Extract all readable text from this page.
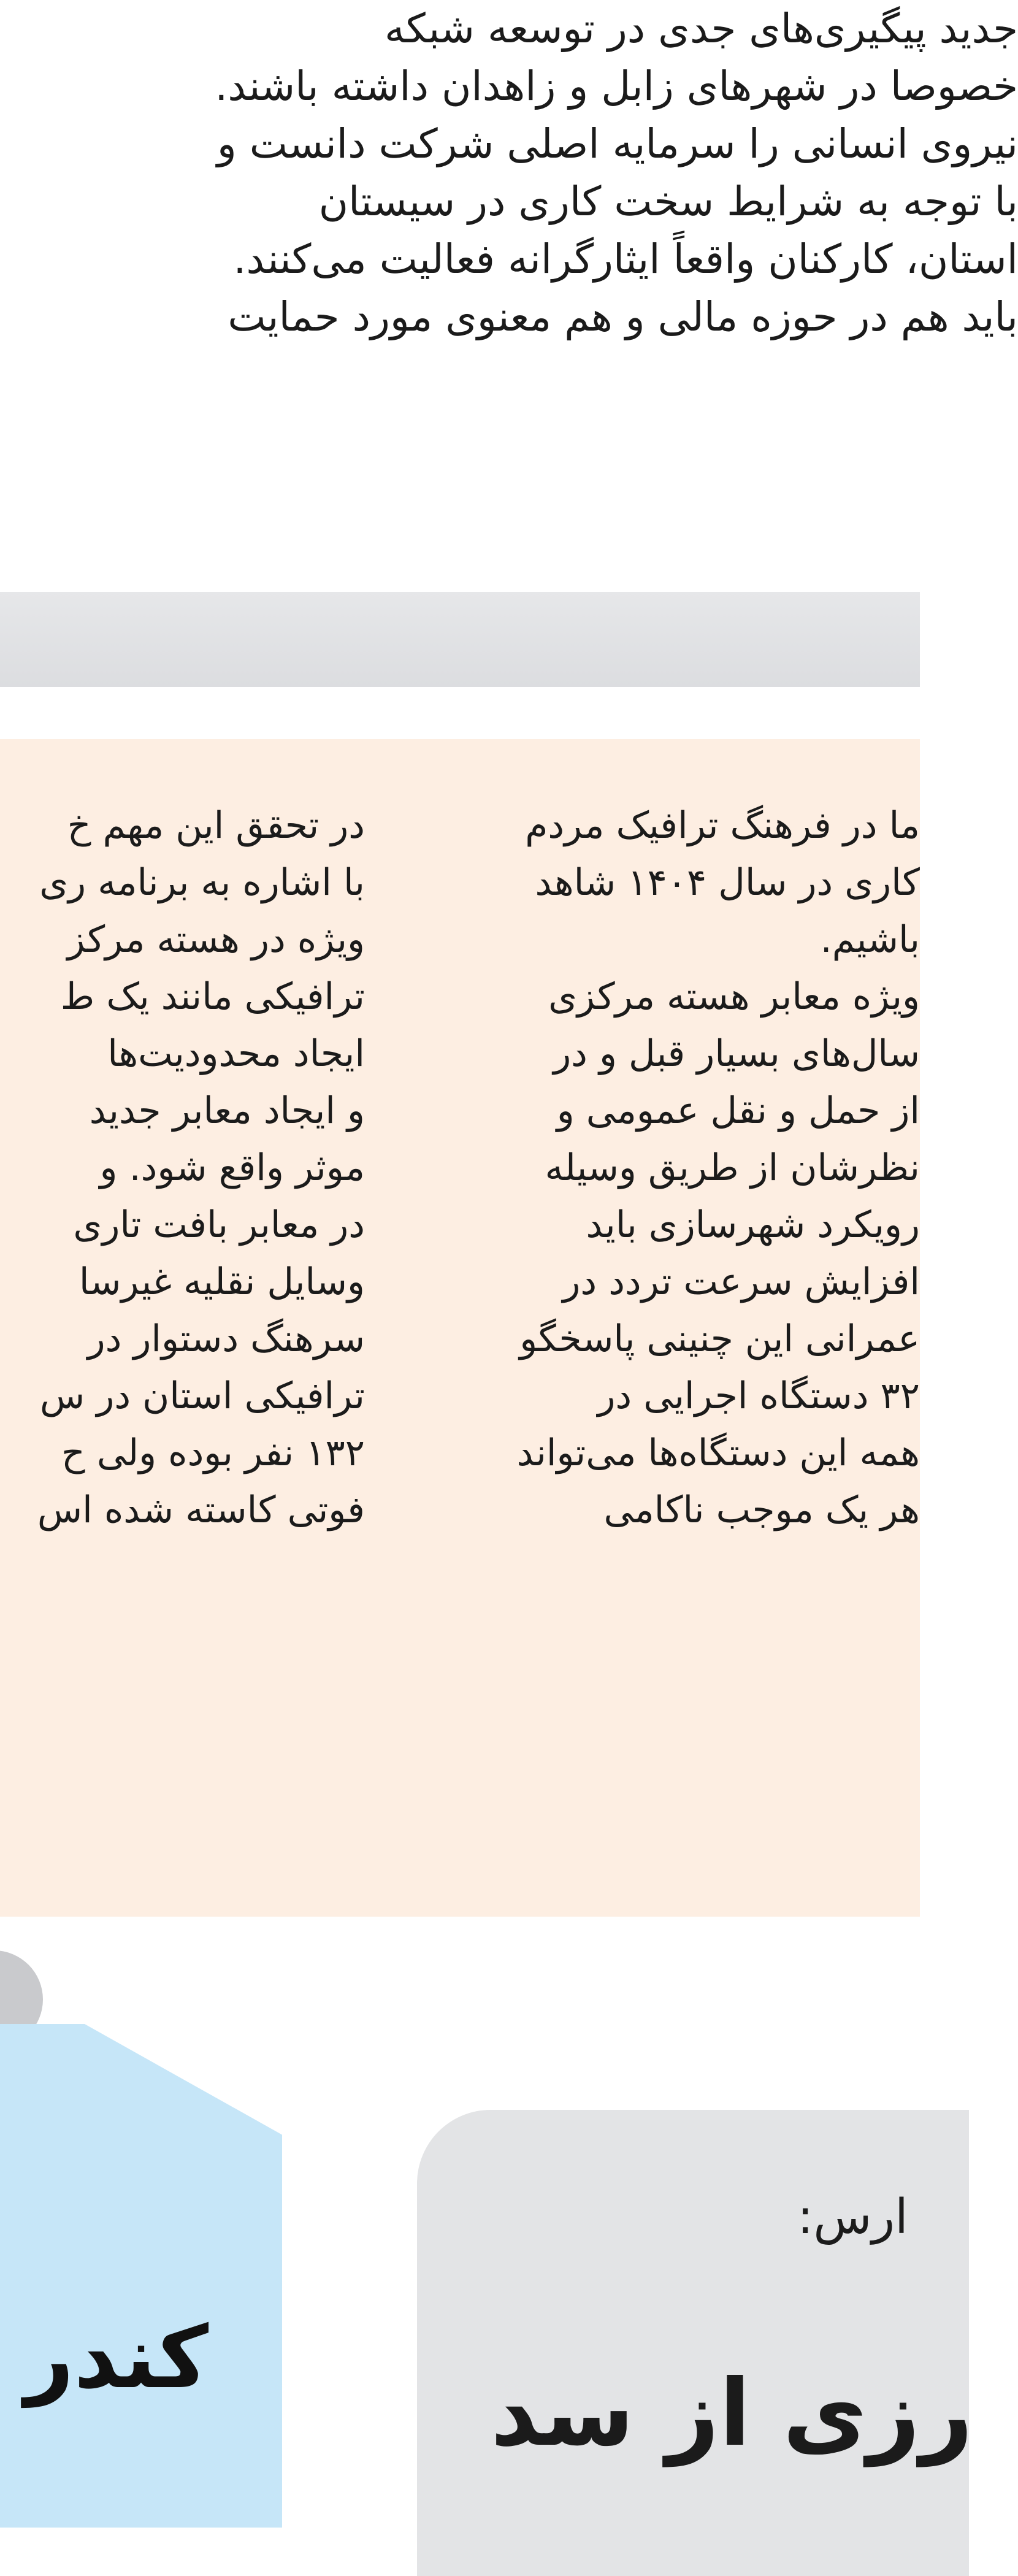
جدید پیگیری‌های جدی در توسعه شبکه
خصوصا در شهرهای زابل و زاهدان داشته باشند.
نیروی انسانی را سرمایه اصلی شرکت دانست و
با توجه به شرایط سخت کاری در سیستان
استان، کارکنان واقعاً ایثارگرانه فعالیت می‌کنند.
باید هم در حوزه مالی و هم معنوی مورد حمایت
ما در فرهنگ ترافیک مردم
کاری در سال ۱۴۰۴ شاهد
باشیم.
ویژه معابر هسته مرکزی
سال‌های بسیار قبل و در
از حمل و نقل عمومی و
نظرشان از طریق وسیله
رویکرد شهرسازی باید
افزایش سرعت تردد در
عمرانی این چنینی پاسخگو
۳۲ دستگاه اجرایی در
همه این دستگاه‌ها می‌تواند
هر یک موجب ناکامی
در تحقق این مهم خ
با اشاره به برنامه ری
ویژه در هسته مرکز
ترافیکی مانند یک ط
ایجاد محدودیت‌ها
و ایجاد معابر جدید
موثر واقع شود. و
در معابر بافت تاری
وسایل نقلیه غیرسا
سرهنگ دستوار در
ترافیکی استان در س
۱۳۲ نفر بوده ولی ح
فوتی کاسته شده اس
کندر
ارس:
رزی از سد
